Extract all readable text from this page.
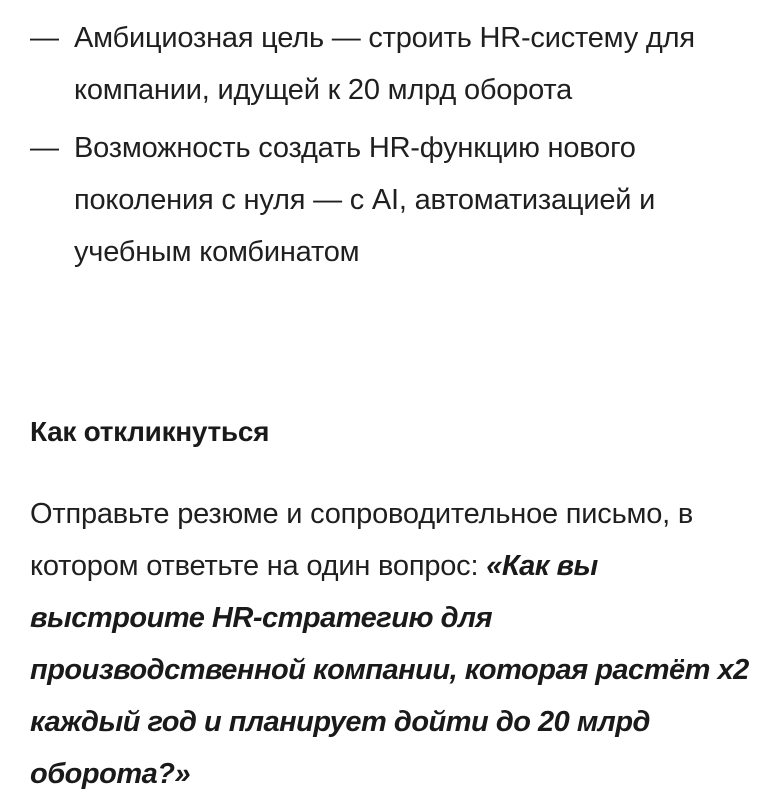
— Амбициозная цель — строить HR-систему для компании, идущей к 20 млрд оборота
— Возможность создать HR-функцию нового поколения с нуля — с AI, автоматизацией и учебным комбинатом
Как откликнуться

Отправьте резюме и сопроводительное письмо, в котором ответьте на один вопрос: «Как вы выстроите HR-стратегию для производственной компании, которая растёт x2 каждый год и планирует дойти до 20 млрд оборота?»
